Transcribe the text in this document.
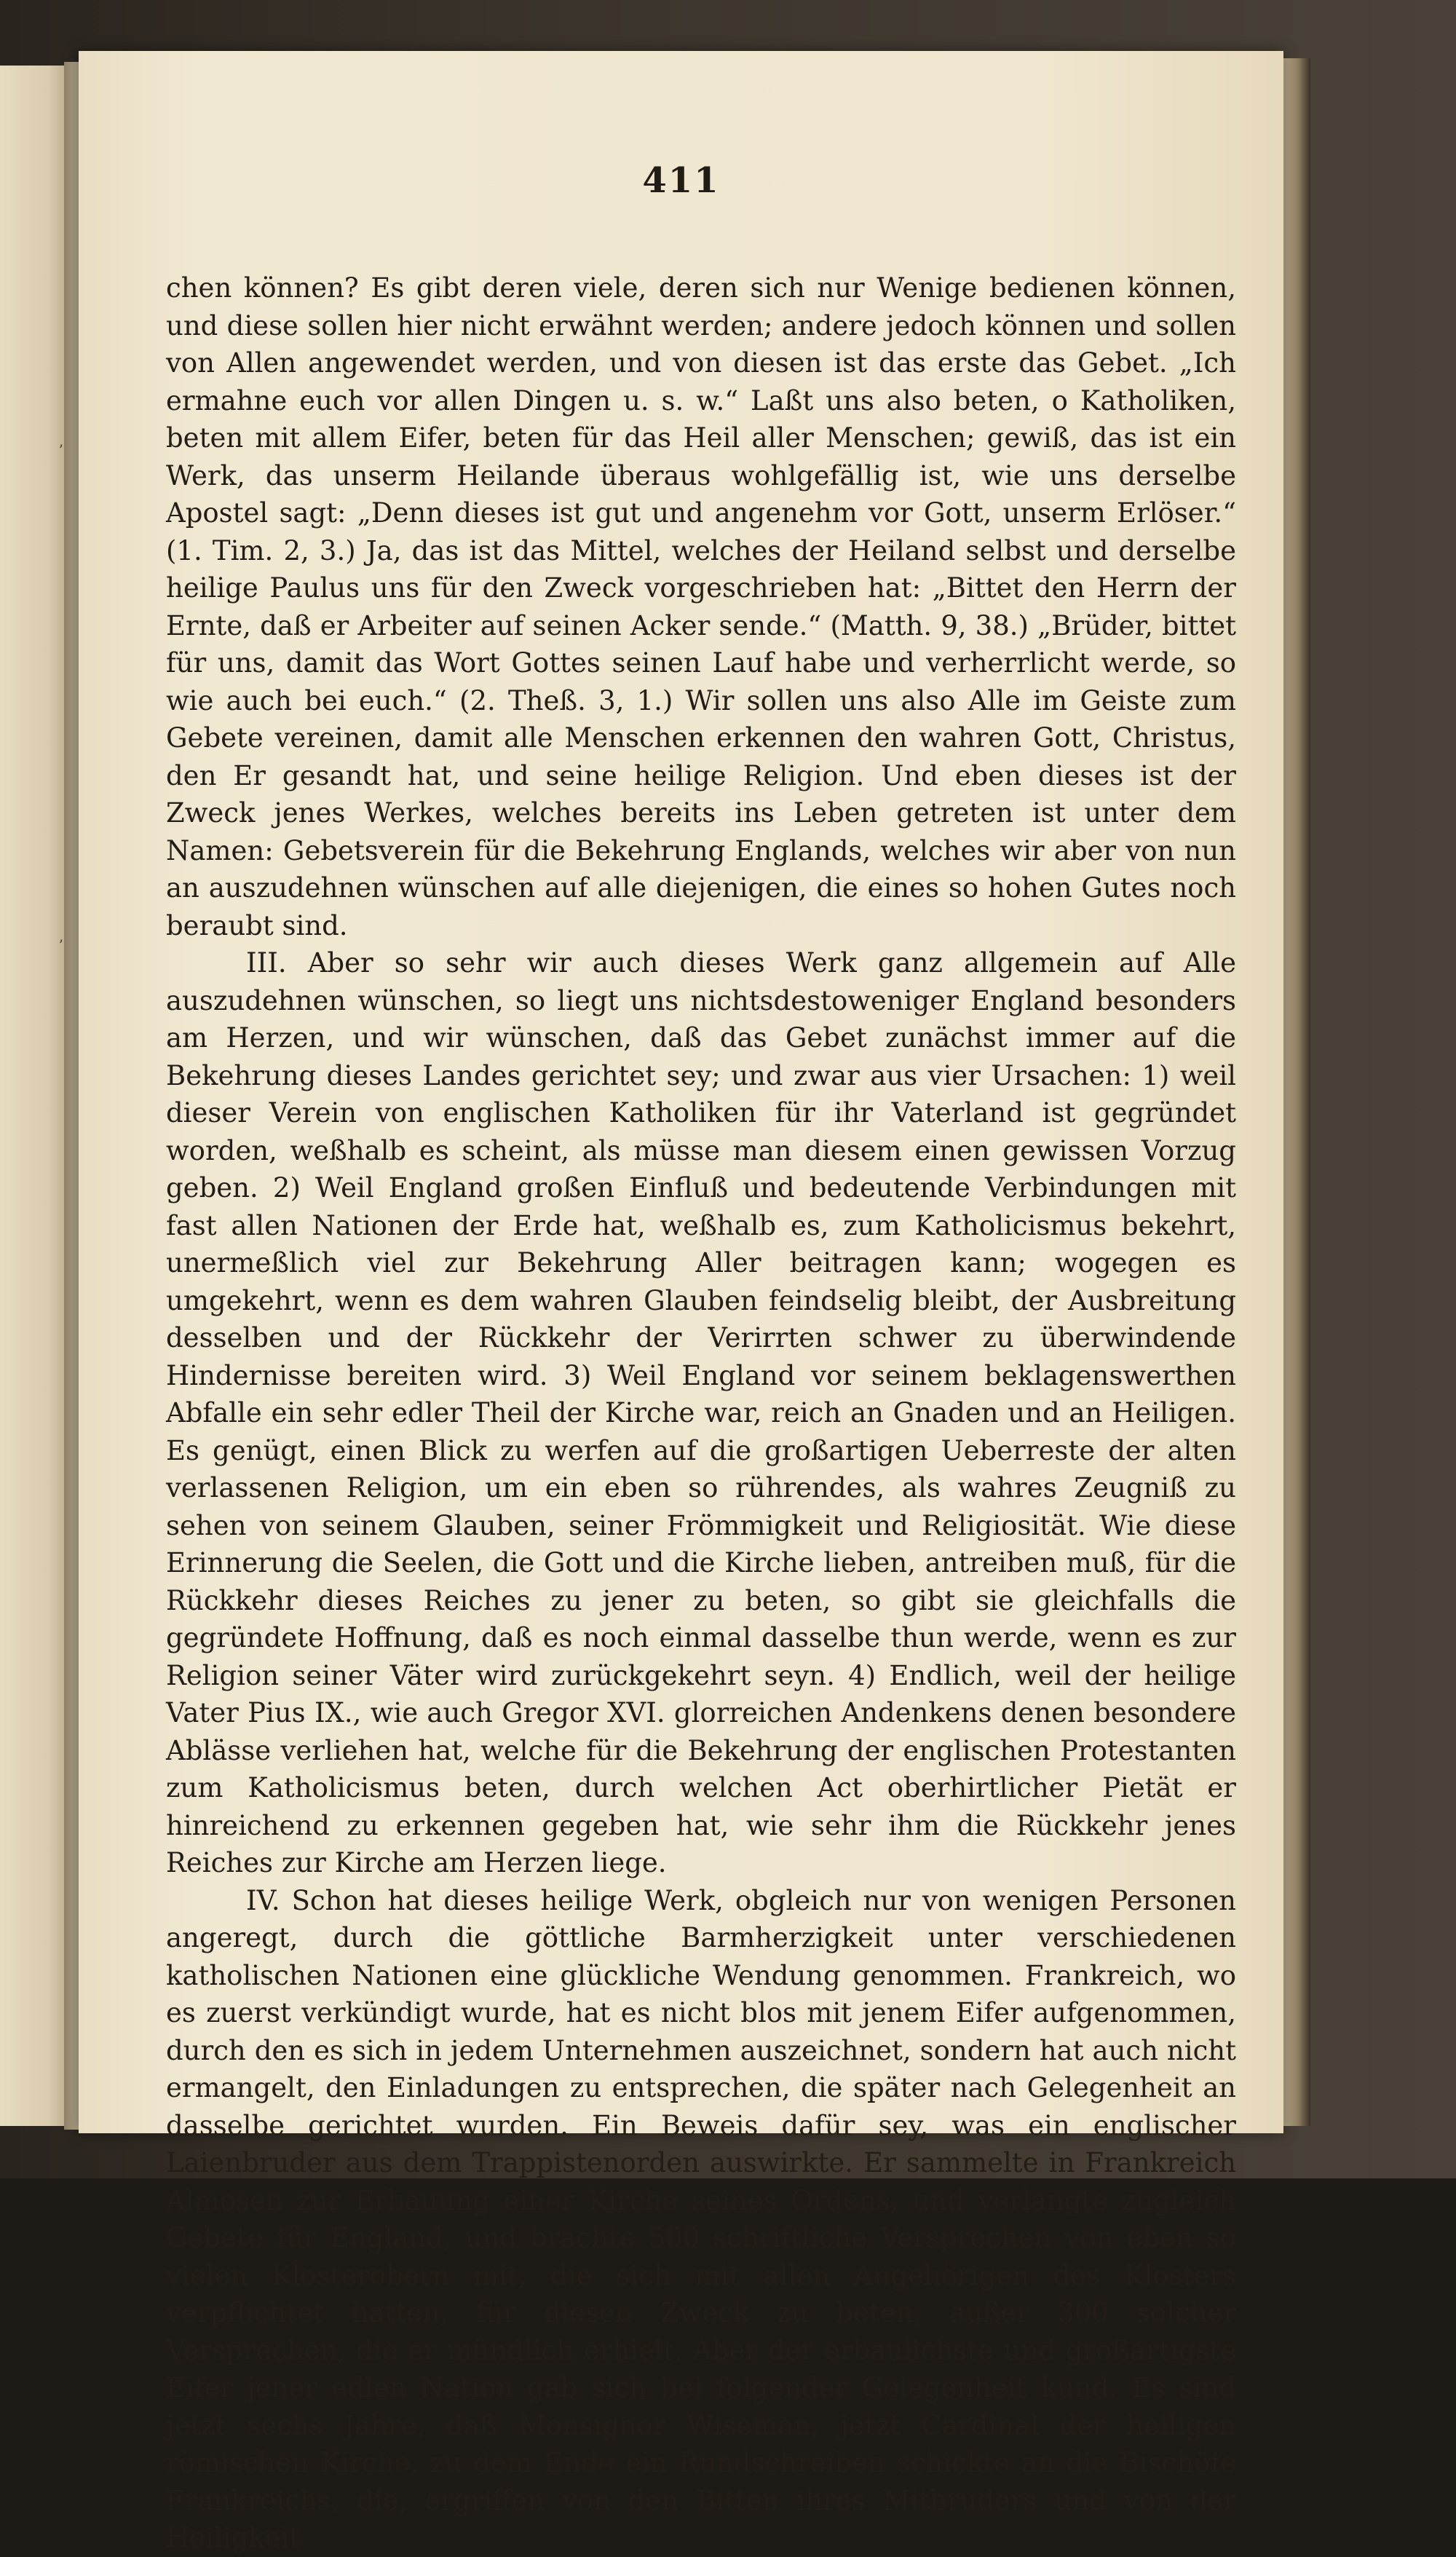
411

chen können? Es gibt deren viele, deren sich nur Wenige bedienen können, und diese sollen hier nicht erwähnt werden; andere jedoch können und sollen von Allen angewendet werden, und von diesen ist das erste das Gebet. „Ich ermahne euch vor allen Dingen u. s. w.“ Laßt uns also beten, o Katholiken, beten mit allem Eifer, beten für das Heil aller Menschen; gewiß, das ist ein Werk, das unserm Heilande überaus wohlgefällig ist, wie uns derselbe Apostel sagt: „Denn dieses ist gut und angenehm vor Gott, unserm Erlöser.“ (1. Tim. 2, 3.) Ja, das ist das Mittel, welches der Heiland selbst und derselbe heilige Paulus uns für den Zweck vorgeschrieben hat: „Bittet den Herrn der Ernte, daß er Arbeiter auf seinen Acker sende.“ (Matth. 9, 38.) „Brüder, bittet für uns, damit das Wort Gottes seinen Lauf habe und verherrlicht werde, so wie auch bei euch.“ (2. Theß. 3, 1.) Wir sollen uns also Alle im Geiste zum Gebete vereinen, damit alle Menschen erkennen den wahren Gott, Christus, den Er gesandt hat, und seine heilige Religion. Und eben dieses ist der Zweck jenes Werkes, welches bereits ins Leben getreten ist unter dem Namen: Gebetsverein für die Bekehrung Englands, welches wir aber von nun an auszudehnen wünschen auf alle diejenigen, die eines so hohen Gutes noch beraubt sind.

III. Aber so sehr wir auch dieses Werk ganz allgemein auf Alle auszudehnen wünschen, so liegt uns nichtsdestoweniger England besonders am Herzen, und wir wünschen, daß das Gebet zunächst immer auf die Bekehrung dieses Landes gerichtet sey; und zwar aus vier Ursachen: 1) weil dieser Verein von englischen Katholiken für ihr Vaterland ist gegründet worden, weßhalb es scheint, als müsse man diesem einen gewissen Vorzug geben. 2) Weil England großen Einfluß und bedeutende Verbindungen mit fast allen Nationen der Erde hat, weßhalb es, zum Katholicismus bekehrt, unermeßlich viel zur Bekehrung Aller beitragen kann; wogegen es umgekehrt, wenn es dem wahren Glauben feindselig bleibt, der Ausbreitung desselben und der Rückkehr der Verirrten schwer zu überwindende Hindernisse bereiten wird. 3) Weil England vor seinem beklagenswerthen Abfalle ein sehr edler Theil der Kirche war, reich an Gnaden und an Heiligen. Es genügt, einen Blick zu werfen auf die großartigen Ueberreste der alten verlassenen Religion, um ein eben so rührendes, als wahres Zeugniß zu sehen von seinem Glauben, seiner Frömmigkeit und Religiosität. Wie diese Erinnerung die Seelen, die Gott und die Kirche lieben, antreiben muß, für die Rückkehr dieses Reiches zu jener zu beten, so gibt sie gleichfalls die gegründete Hoffnung, daß es noch einmal dasselbe thun werde, wenn es zur Religion seiner Väter wird zurückgekehrt seyn. 4) Endlich, weil der heilige Vater Pius IX., wie auch Gregor XVI. glorreichen Andenkens denen besondere Ablässe verliehen hat, welche für die Bekehrung der englischen Protestanten zum Katholicismus beten, durch welchen Act oberhirtlicher Pietät er hinreichend zu erkennen gegeben hat, wie sehr ihm die Rückkehr jenes Reiches zur Kirche am Herzen liege.

IV. Schon hat dieses heilige Werk, obgleich nur von wenigen Personen angeregt, durch die göttliche Barmherzigkeit unter verschiedenen katholischen Nationen eine glückliche Wendung genommen. Frankreich, wo es zuerst verkündigt wurde, hat es nicht blos mit jenem Eifer aufgenommen, durch den es sich in jedem Unternehmen auszeichnet, sondern hat auch nicht ermangelt, den Einladungen zu entsprechen, die später nach Gelegenheit an dasselbe gerichtet wurden. Ein Beweis dafür sey, was ein englischer Laienbruder aus dem Trappistenorden auswirkte. Er sammelte in Frankreich Almosen zur Erbauung einer Kirche seines Ordens, und verlangte zugleich Gebete für England, und brachte 500 schriftliche Versprechen von eben so vielen Klosterobern mit, die sich mit allen Angehörigen des Klosters verpflichtet hatten, für diesen Zweck zu beten, außer 300 solcher Versprechen, die er mündlich erhielt. Aber der erbaulichste und großartigste Eifer jener edlen Nation gab sich bei folgender Gelegenheit kund. Es sind jetzt sechs Jahre, daß Monsignor Wiseman, jetzt Cardinal der heiligen römischen Kirche, zu dem Ende ein Rundschreiben schickte an die Bischöfe Frankreichs, die, ergriffen von den Bitten ihres Mitbruders und von der Heiligkeit

ʼ
ʼ
